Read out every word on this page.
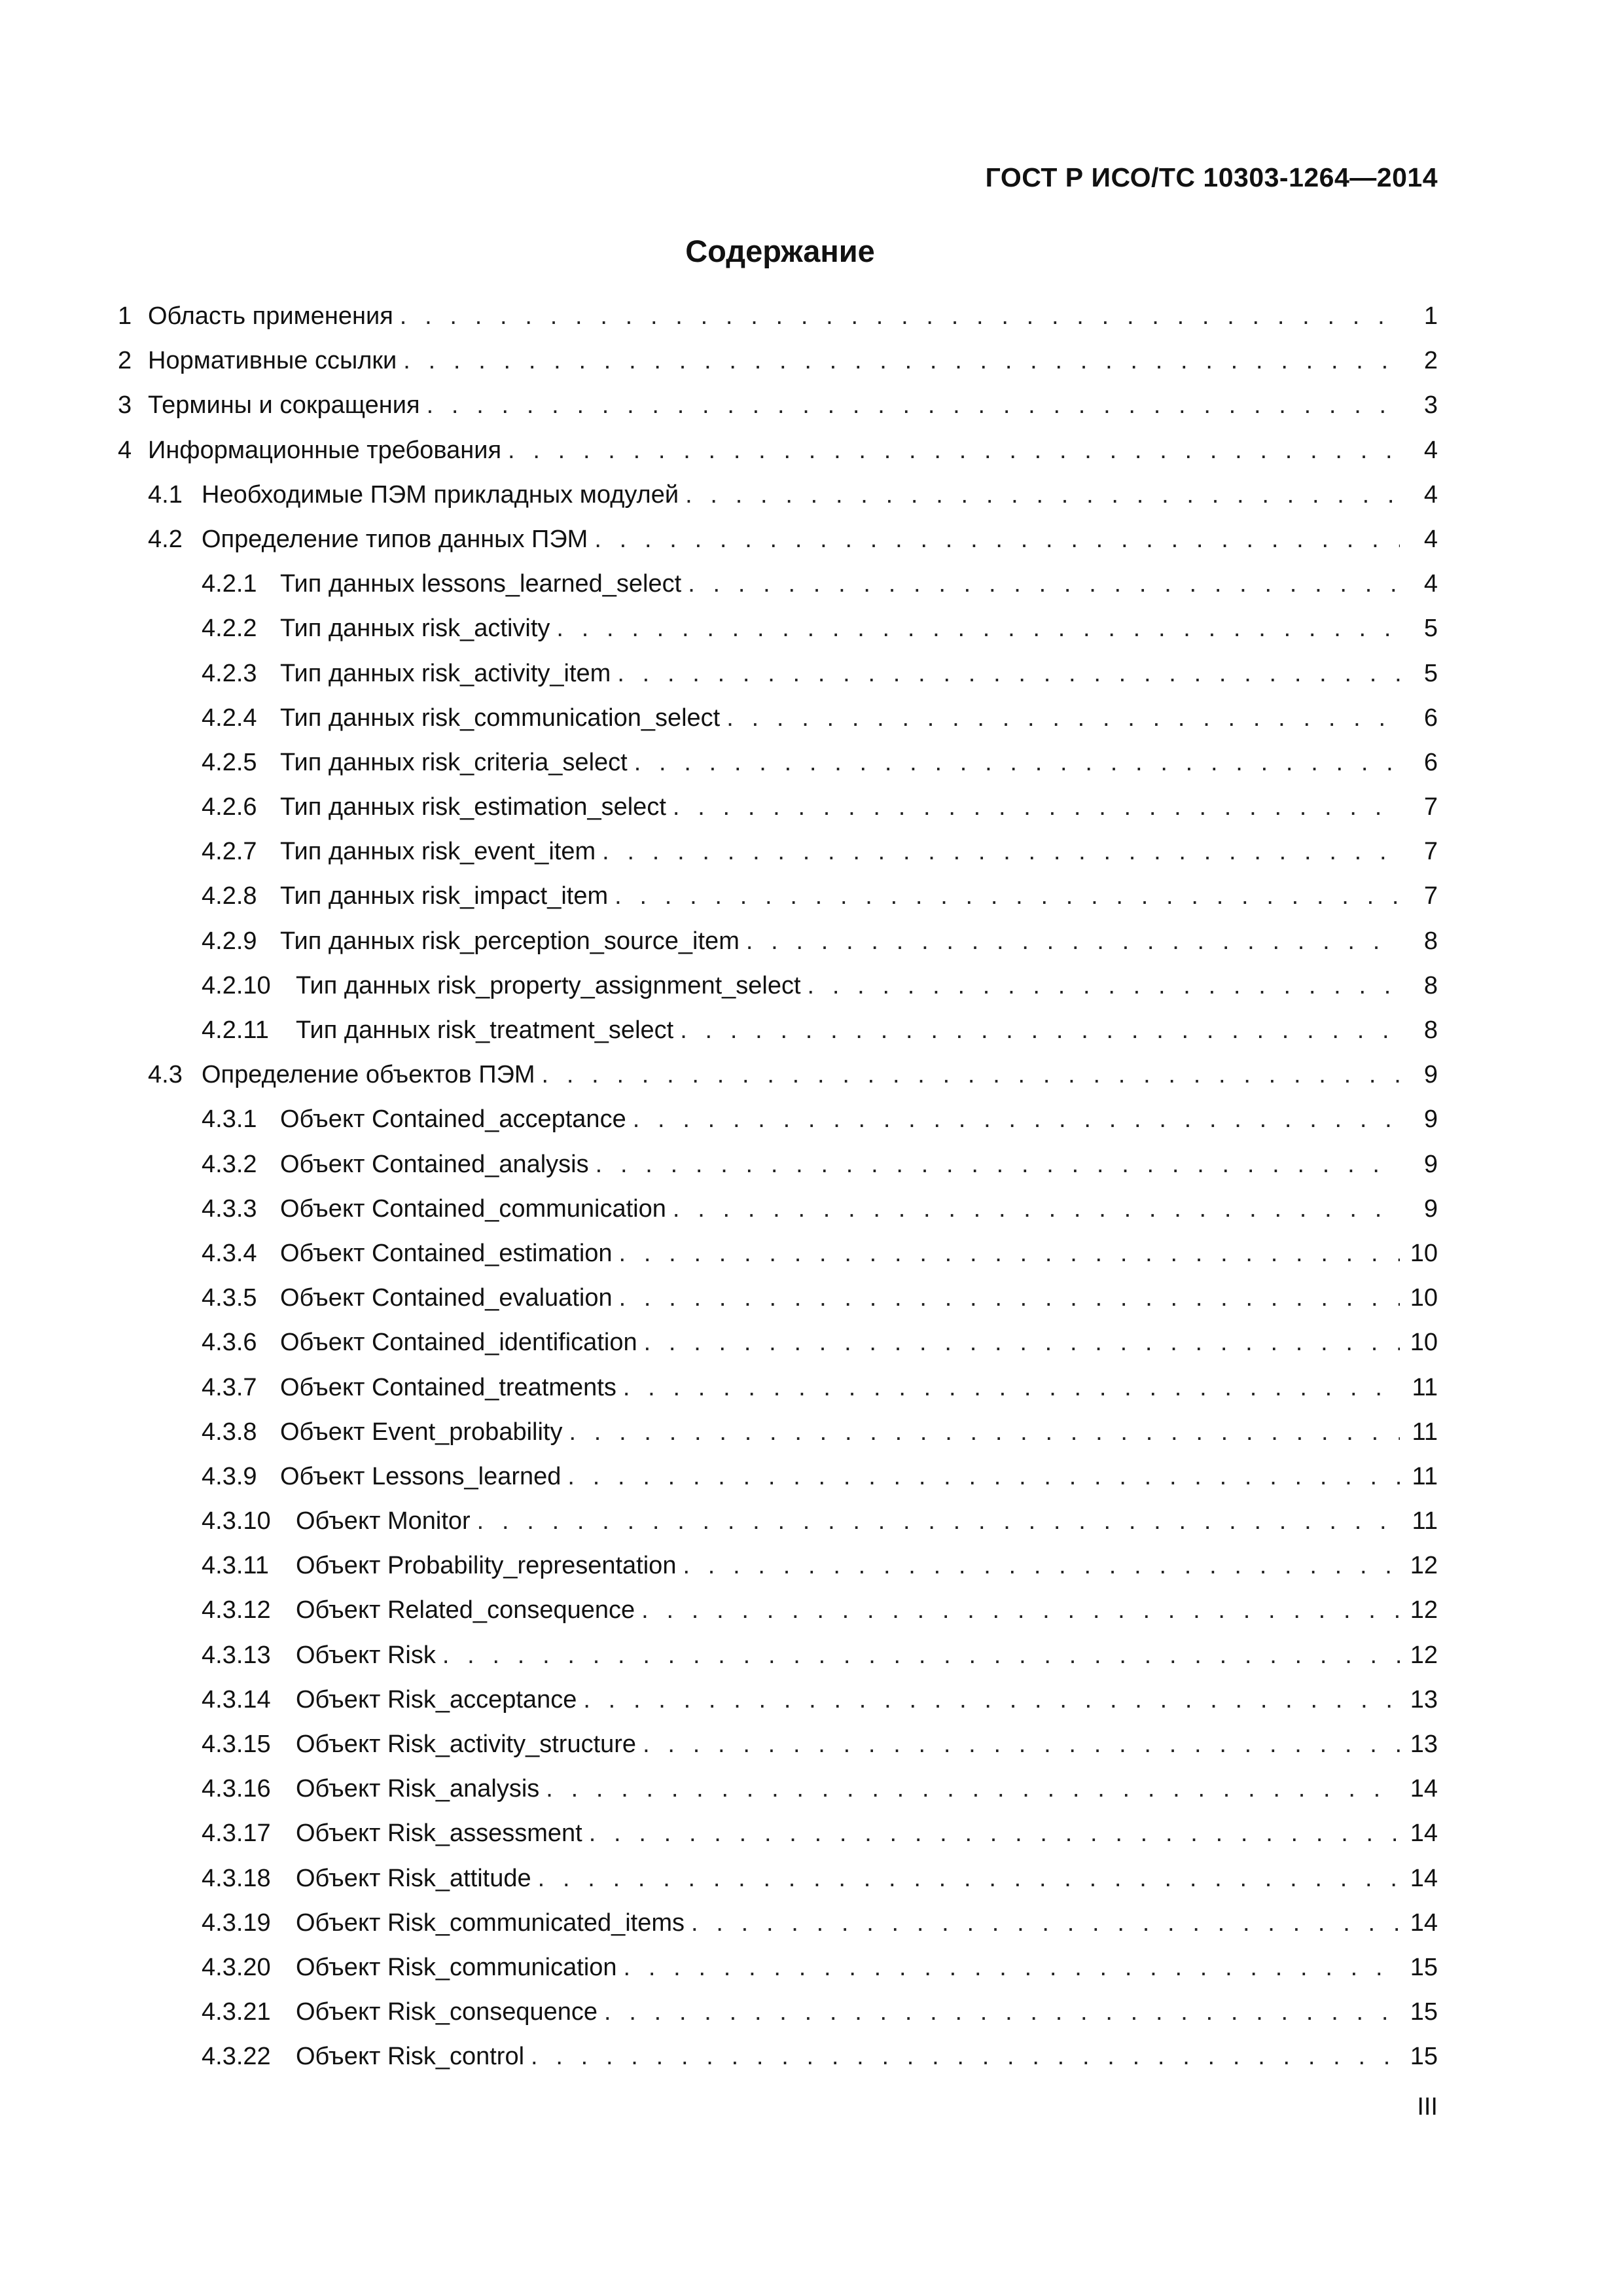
ГОСТ Р ИСО/ТС 10303-1264—2014
Содержание
1 Область применения . . .	1
2 Нормативные ссылки . . .	2
3 Термины и сокращения . . .	3
4 Информационные требования . . .	4
4.1 Необходимые ПЭМ прикладных модулей . . .	4
4.2 Определение типов данных ПЭМ . . .	4
4.2.1 Тип данных lessons_learned_select . . .	4
4.2.2 Тип данных risk_activity . . .	5
4.2.3 Тип данных risk_activity_item . . .	5
4.2.4 Тип данных risk_communication_select . . .	6
4.2.5 Тип данных risk_criteria_select . . .	6
4.2.6 Тип данных risk_estimation_select . . .	7
4.2.7 Тип данных risk_event_item . . .	7
4.2.8 Тип данных risk_impact_item . . .	7
4.2.9 Тип данных risk_perception_source_item . . .	8
4.2.10	Тип данных risk_property_assignment_select . . .	8
4.2.11	Тип данных risk_treatment_select . . .	8
4.3 Определение объектов ПЭМ . . .	9
4.3.1 Объект Contained_acceptance . . .	9
4.3.2 Объект Contained_analysis . . .	9
4.3.3 Объект Contained_communication . . .	9
4.3.4 Объект Contained_estimation . . .	10
4.3.5 Объект Contained_evaluation . . .	10
4.3.6 Объект Contained_identification . . .	10
4.3.7 Объект Contained_treatments . . .	11
4.3.8 Объект Event_probability . . .	11
4.3.9 Объект Lessons_learned . . .	11
4.3.10	Объект Monitor . . .	11
4.3.11	Объект Probability_representation . . .	12
4.3.12	Объект Related_consequence . . .	12
4.3.13	Объект Risk . . .	12
4.3.14	Объект Risk_acceptance . . .	13
4.3.15	Объект Risk_activity_structure . . .	13
4.3.16	Объект Risk_analysis . . .	14
4.3.17	Объект Risk_assessment . . .	14
4.3.18	Объект Risk_attitude . . .	14
4.3.19	Объект Risk_communicated_items . . .	14
4.3.20	Объект Risk_communication . . .	15
4.3.21	Объект Risk_consequence . . .	15
4.3.22	Объект Risk_control . . .	15
III
